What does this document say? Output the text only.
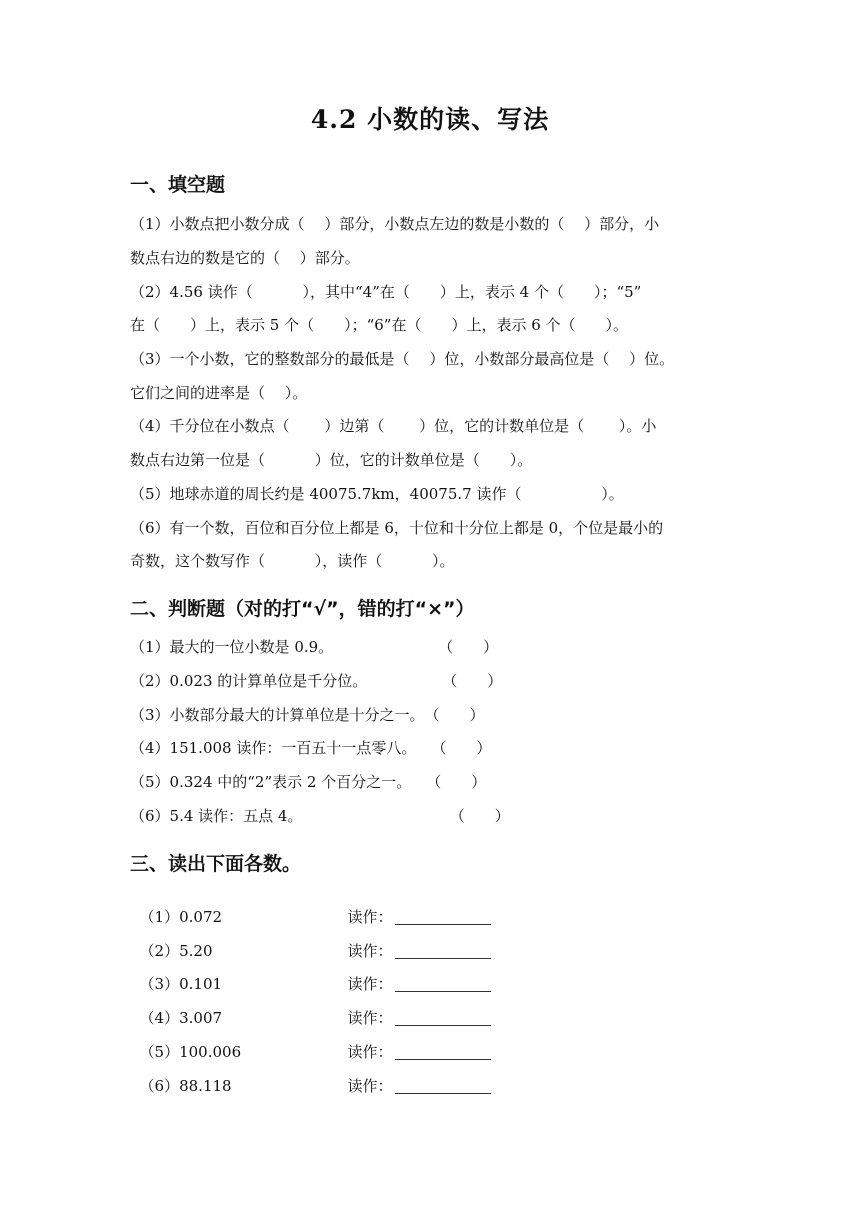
4.2 小数的读、写法
一、填空题
（1）小数点把小数分成（　 ）部分，小数点左边的数是小数的（　 ）部分，小
数点右边的数是它的（　 ）部分。
（2）4.56 读作（　　　 ），其中“4”在（　　）上，表示 4 个（　　）；“5”
在（　　）上，表示 5 个（　　）；“6”在（　　）上，表示 6 个（　　）。
（3）一个小数，它的整数部分的最低是（　 ）位，小数部分最高位是（　 ）位。
它们之间的进率是（　 ）。
（4）千分位在小数点（　　 ）边第（　　 ）位，它的计数单位是（　　 ）。小
数点右边第一位是（　　　 ）位，它的计数单位是（　　）。
（5）地球赤道的周长约是 40075.7km，40075.7 读作（　　　　　 ）。
（6）有一个数，百位和百分位上都是 6，十位和十分位上都是 0，个位是最小的
奇数，这个数写作（　　　 ），读作（　　　 ）。
二、判断题（对的打“√”，错的打“×”）
（1）最大的一位小数是 0.9。　　　　　　　　（　　）
（2）0.023 的计算单位是千分位。　　　　　　（　　）
（3）小数部分最大的计算单位是十分之一。　（　　）
（4）151.008 读作：一百五十一点零八。　　（　　）
（5）0.324 中的“2”表示 2 个百分之一。　　（　　）
（6）5.4 读作：五点 4。　　　　　　　　　　 （　　）
三、读出下面各数。

（1）0.072	读作：

（2）5.20	读作：

（3）0.101	读作：

（4）3.007	读作：

（5）100.006	读作：

（6）88.118	读作：
